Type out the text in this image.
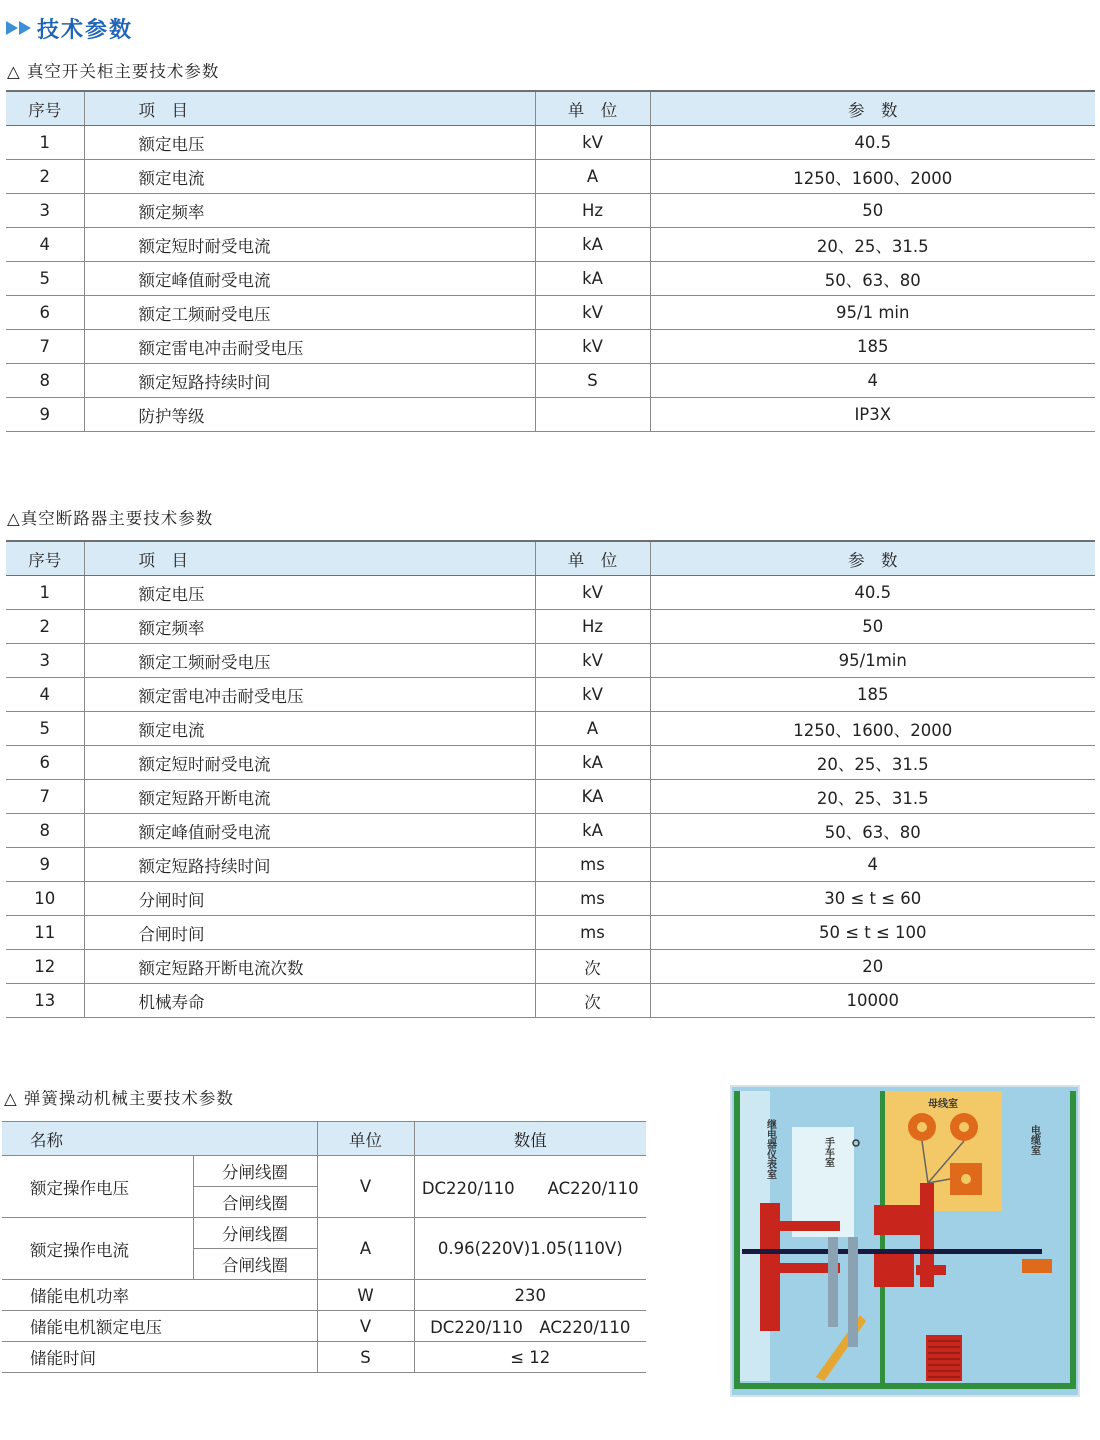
技术参数
△ 真空开关柜主要技术参数
序号	项　目	单　位	参　数
1	额定电压	kV	40.5
2	额定电流	A	1250、1600、2000
3	额定频率	Hz	50
4	额定短时耐受电流	kA	20、25、31.5
5	额定峰值耐受电流	kA	50、63、80
6	额定工频耐受电压	kV	95/1 min
7	额定雷电冲击耐受电压	kV	185
8	额定短路持续时间	S	4
9	防护等级		IP3X
△真空断路器主要技术参数
序号	项　目	单　位	参　数
1	额定电压	kV	40.5
2	额定频率	Hz	50
3	额定工频耐受电压	kV	95/1min
4	额定雷电冲击耐受电压	kV	185
5	额定电流	A	1250、1600、2000
6	额定短时耐受电流	kA	20、25、31.5
7	额定短路开断电流	KA	20、25、31.5
8	额定峰值耐受电流	kA	50、63、80
9	额定短路持续时间	ms	4
10	分闸时间	ms	30 ≤ t ≤ 60
11	合闸时间	ms	50 ≤ t ≤ 100
12	额定短路开断电流次数	次	20
13	机械寿命	次	10000
△ 弹簧操动机械主要技术参数
名称		单位	数值
额定操作电压	分闸线圈	V	DC220/110　　AC220/110
	合闸线圈		
额定操作电流	分闸线圈	A	0.96(220V)1.05(110V)
	合闸线圈		
储能电机功率		W	230
储能电机额定电压		V	DC220/110　AC220/110
储能时间		S	≤ 12
继电器仪表室	手车室
母线室
电缆室
